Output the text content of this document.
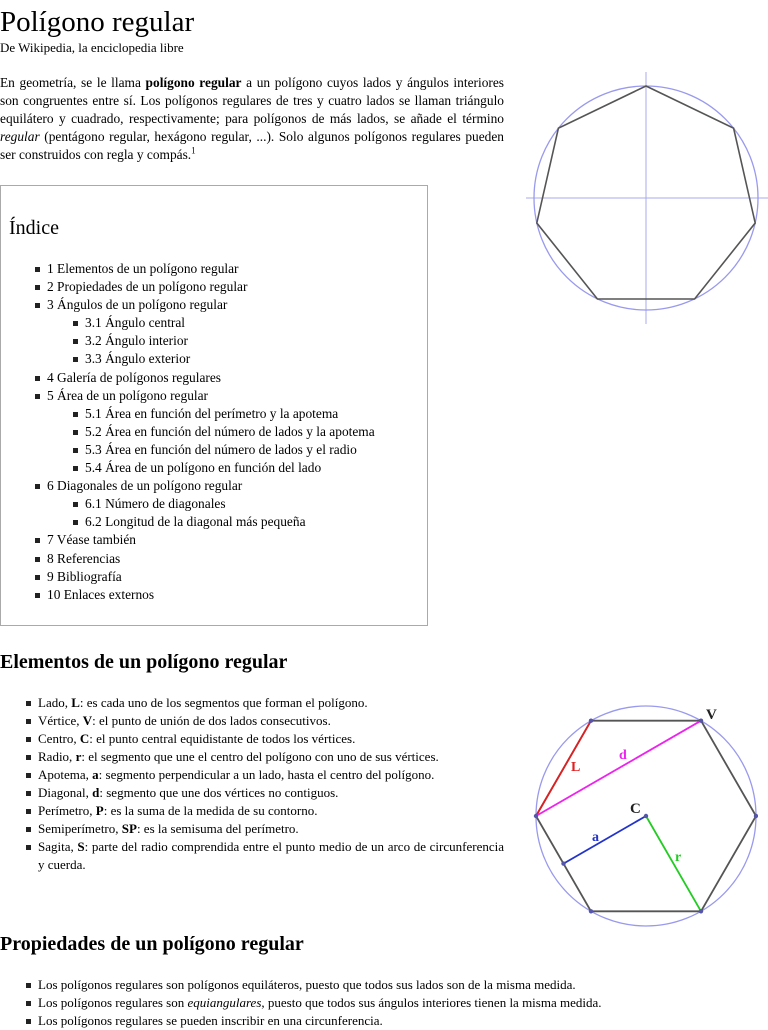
Polígono regular

De Wikipedia, la enciclopedia libre

En geometría, se le llama polígono regular a un polígono cuyos lados y ángulos interiores son congruentes entre sí. Los polígonos regulares de tres y cuatro lados se llaman triángulo equilátero y cuadrado, respectivamente; para polígonos de más lados, se añade el término regular (pentágono regular, hexágono regular, ...). Solo algunos polígonos regulares pueden ser construidos con regla y compás.$^1$

Índice
1 Elementos de un polígono regular
2 Propiedades de un polígono regular
3 Ángulos de un polígono regular
3.1 Ángulo central
3.2 Ángulo interior
3.3 Ángulo exterior
4 Galería de polígonos regulares
5 Área de un polígono regular
5.1 Área en función del perímetro y la apotema
5.2 Área en función del número de lados y la apotema
5.3 Área en función del número de lados y el radio
5.4 Área de un polígono en función del lado
6 Diagonales de un polígono regular
6.1 Número de diagonales
6.2 Longitud de la diagonal más pequeña
7 Véase también
8 Referencias
9 Bibliografía
10 Enlaces externos
Elementos de un polígono regular
Lado, L: es cada uno de los segmentos que forman el polígono.
Vértice, V: el punto de unión de dos lados consecutivos.
Centro, C: el punto central equidistante de todos los vértices.
Radio, r: el segmento que une el centro del polígono con uno de sus vértices.
Apotema, a: segmento perpendicular a un lado, hasta el centro del polígono.
Diagonal, d: segmento que une dos vértices no contiguos.
Perímetro, P: es la suma de la medida de su contorno.
Semiperímetro, SP: es la semisuma del perímetro.
Sagita, S: parte del radio comprendida entre el punto medio de un arco de circunferencia y cuerda.
V
L
d
C
a
r
Propiedades de un polígono regular
Los polígonos regulares son polígonos equiláteros, puesto que todos sus lados son de la misma medida.
Los polígonos regulares son equiangulares, puesto que todos sus ángulos interiores tienen la misma medida.
Los polígonos regulares se pueden inscribir en una circunferencia.
